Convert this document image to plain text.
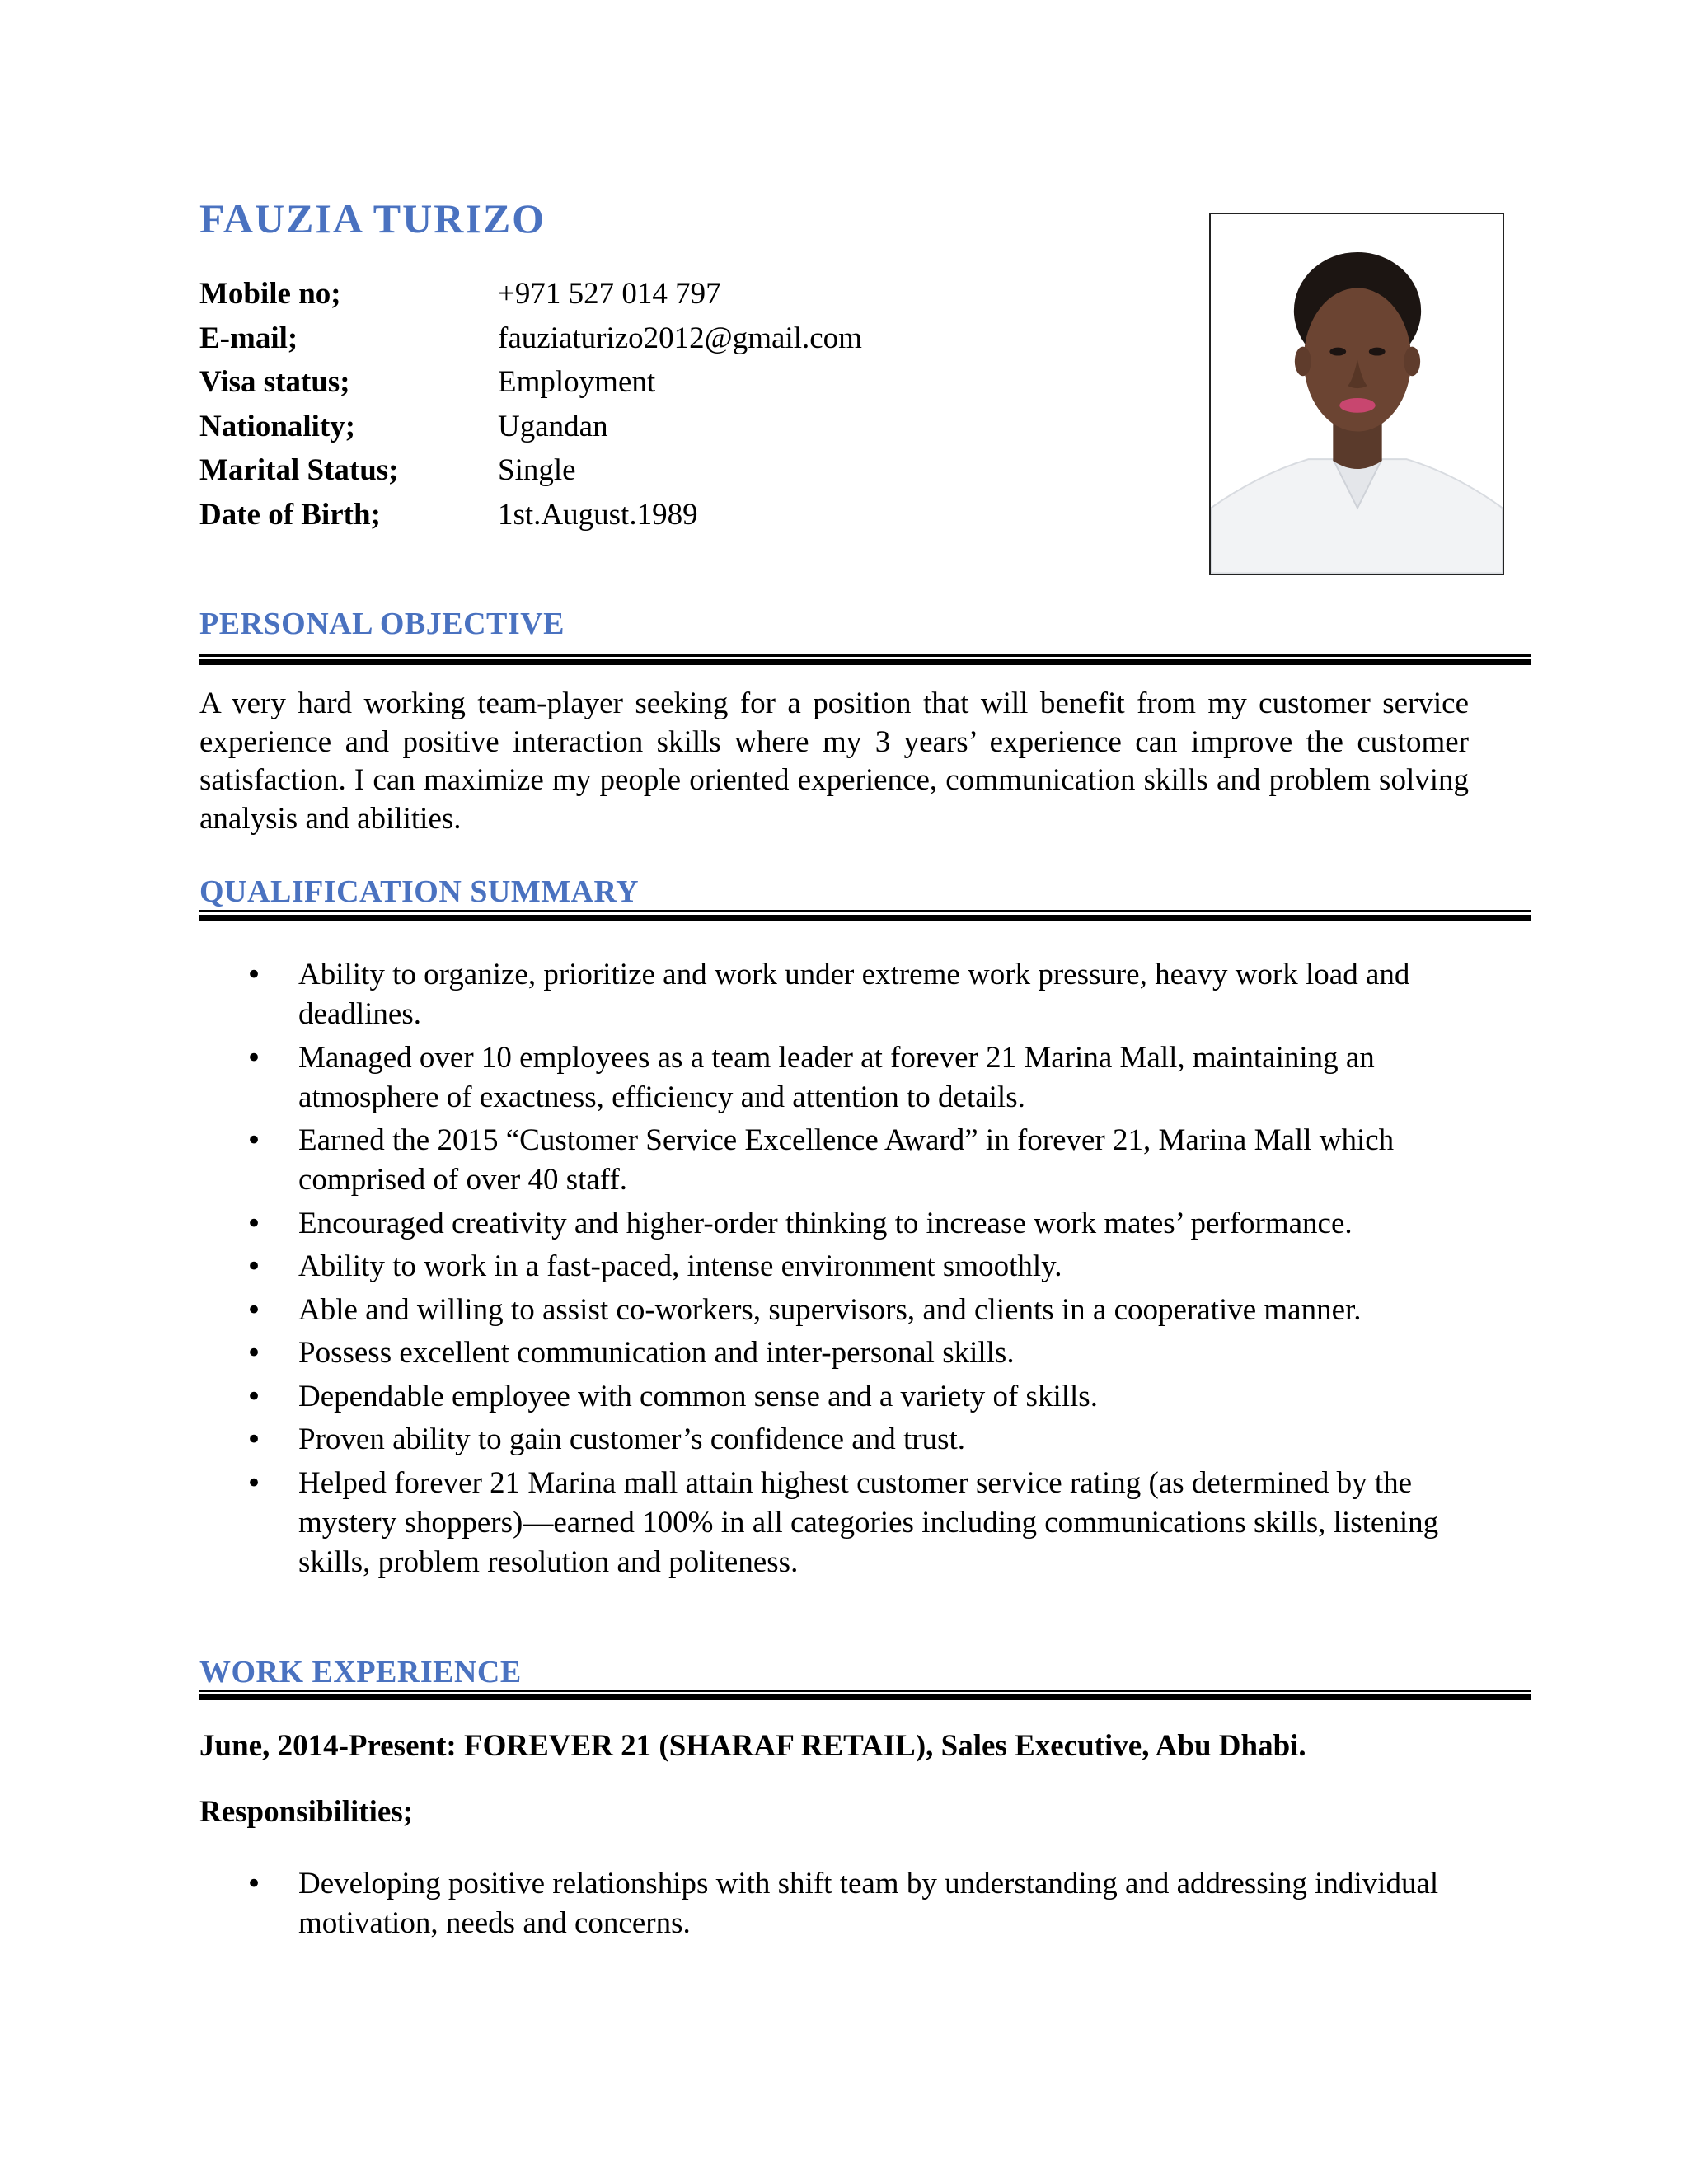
FAUZIA TURIZO
Mobile no;	+971 527 014 797
E-mail;	fauziaturizo2012@gmail.com
Visa status;	Employment
Nationality;	Ugandan
Marital Status;	Single
Date of Birth;	1st.August.1989
PERSONAL OBJECTIVE

A very hard working team-player seeking for a position that will benefit from my customer service experience and positive interaction skills where my 3 years’ experience can improve the customer satisfaction. I can maximize my people oriented experience, communication skills and problem solving analysis and abilities.

QUALIFICATION SUMMARY
• Ability to organize, prioritize and work under extreme work pressure, heavy work load and deadlines.
• Managed over 10 employees as a team leader at forever 21 Marina Mall, maintaining an atmosphere of exactness, efficiency and attention to details.
• Earned the 2015 “Customer Service Excellence Award” in forever 21, Marina Mall which comprised of over 40 staff.
• Encouraged creativity and higher-order thinking to increase work mates’ performance.
• Ability to work in a fast-paced, intense environment smoothly.
• Able and willing to assist co-workers, supervisors, and clients in a cooperative manner.
• Possess excellent communication and inter-personal skills.
• Dependable employee with common sense and a variety of skills.
• Proven ability to gain customer’s confidence and trust.
• Helped forever 21 Marina mall attain highest customer service rating (as determined by the mystery shoppers)—earned 100% in all categories including communications skills, listening skills, problem resolution and politeness.
WORK EXPERIENCE

June, 2014-Present: FOREVER 21 (SHARAF RETAIL), Sales Executive, Abu Dhabi.

Responsibilities;

• Developing positive relationships with shift team by understanding and addressing individual motivation, needs and concerns.
